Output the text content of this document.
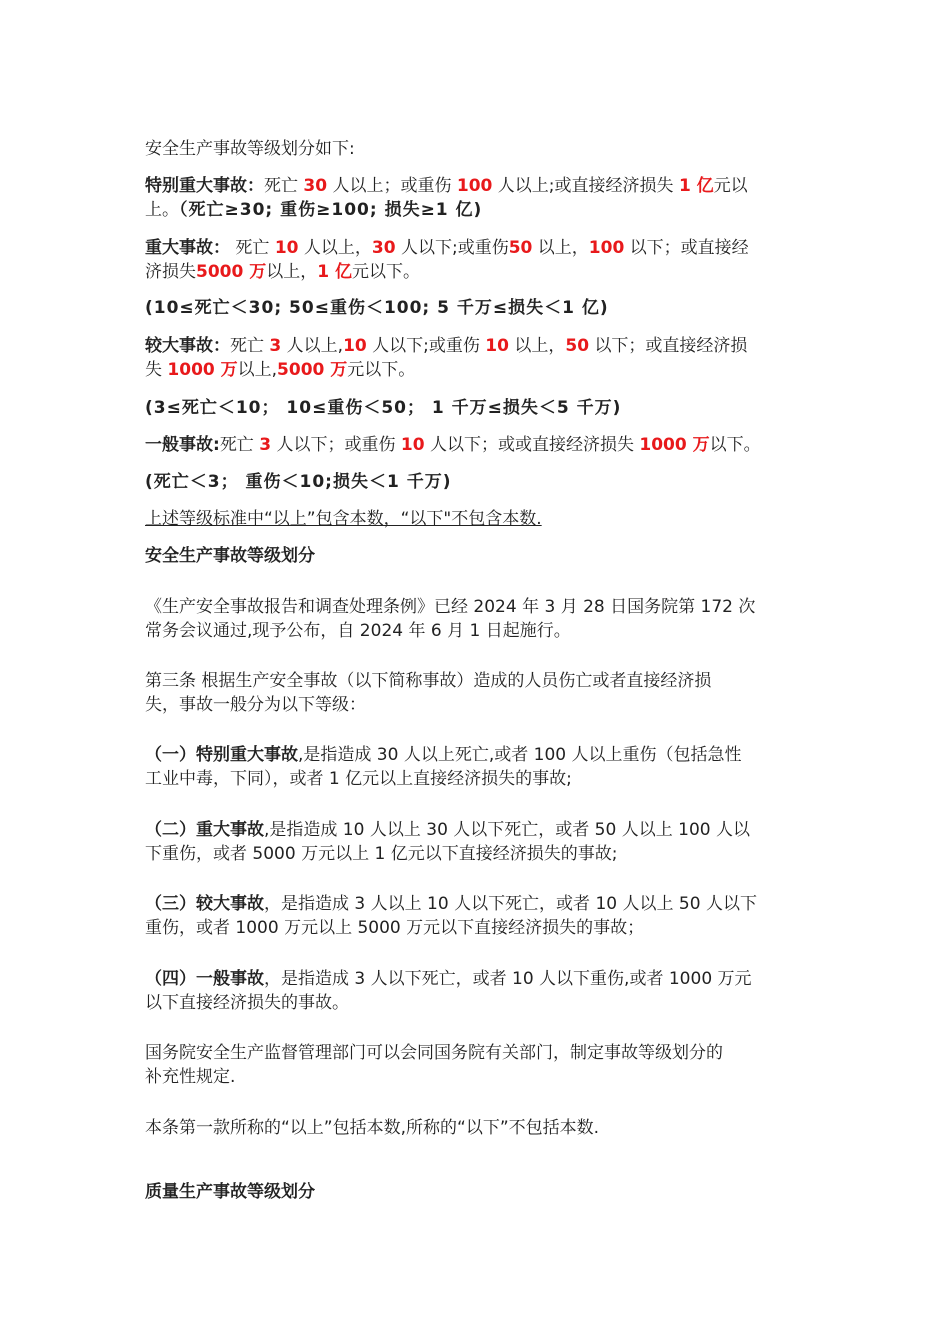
安全生产事故等级划分如下:
特别重大事故：死亡 30 人以上；或重伤 100 人以上;或直接经济损失 1 亿元以
上。（死亡≥30; 重伤≥100; 损失≥1 亿)
重大事故： 死亡 10 人以上，30 人以下;或重伤50 以上，100 以下；或直接经
济损失5000 万以上，1 亿元以下。
(10≤死亡＜30; 50≤重伤＜100; 5 千万≤损失＜1 亿)
较大事故：死亡 3 人以上,10 人以下;或重伤 10 以上，50 以下；或直接经济损
失 1000 万以上,5000 万元以下。
(3≤死亡＜10； 10≤重伤＜50； 1 千万≤损失＜5 千万)
一般事故:死亡 3 人以下；或重伤 10 人以下；或或直接经济损失 1000 万以下。
(死亡＜3； 重伤＜10;损失＜1 千万)
上述等级标准中“以上”包含本数，“以下"不包含本数.
安全生产事故等级划分
《生产安全事故报告和调查处理条例》已经 2024 年 3 月 28 日国务院第 172 次
常务会议通过,现予公布，自 2024 年 6 月 1 日起施行。
第三条 根据生产安全事故（以下简称事故）造成的人员伤亡或者直接经济损
失，事故一般分为以下等级：
（一）特别重大事故,是指造成 30 人以上死亡,或者 100 人以上重伤（包括急性
工业中毒，下同），或者 1 亿元以上直接经济损失的事故;
（二）重大事故,是指造成 10 人以上 30 人以下死亡，或者 50 人以上 100 人以
下重伤，或者 5000 万元以上 1 亿元以下直接经济损失的事故;
（三）较大事故，是指造成 3 人以上 10 人以下死亡，或者 10 人以上 50 人以下
重伤，或者 1000 万元以上 5000 万元以下直接经济损失的事故；
（四）一般事故，是指造成 3 人以下死亡，或者 10 人以下重伤,或者 1000 万元
以下直接经济损失的事故。
国务院安全生产监督管理部门可以会同国务院有关部门，制定事故等级划分的
补充性规定.
本条第一款所称的“以上”包括本数,所称的“以下”不包括本数.
质量生产事故等级划分
